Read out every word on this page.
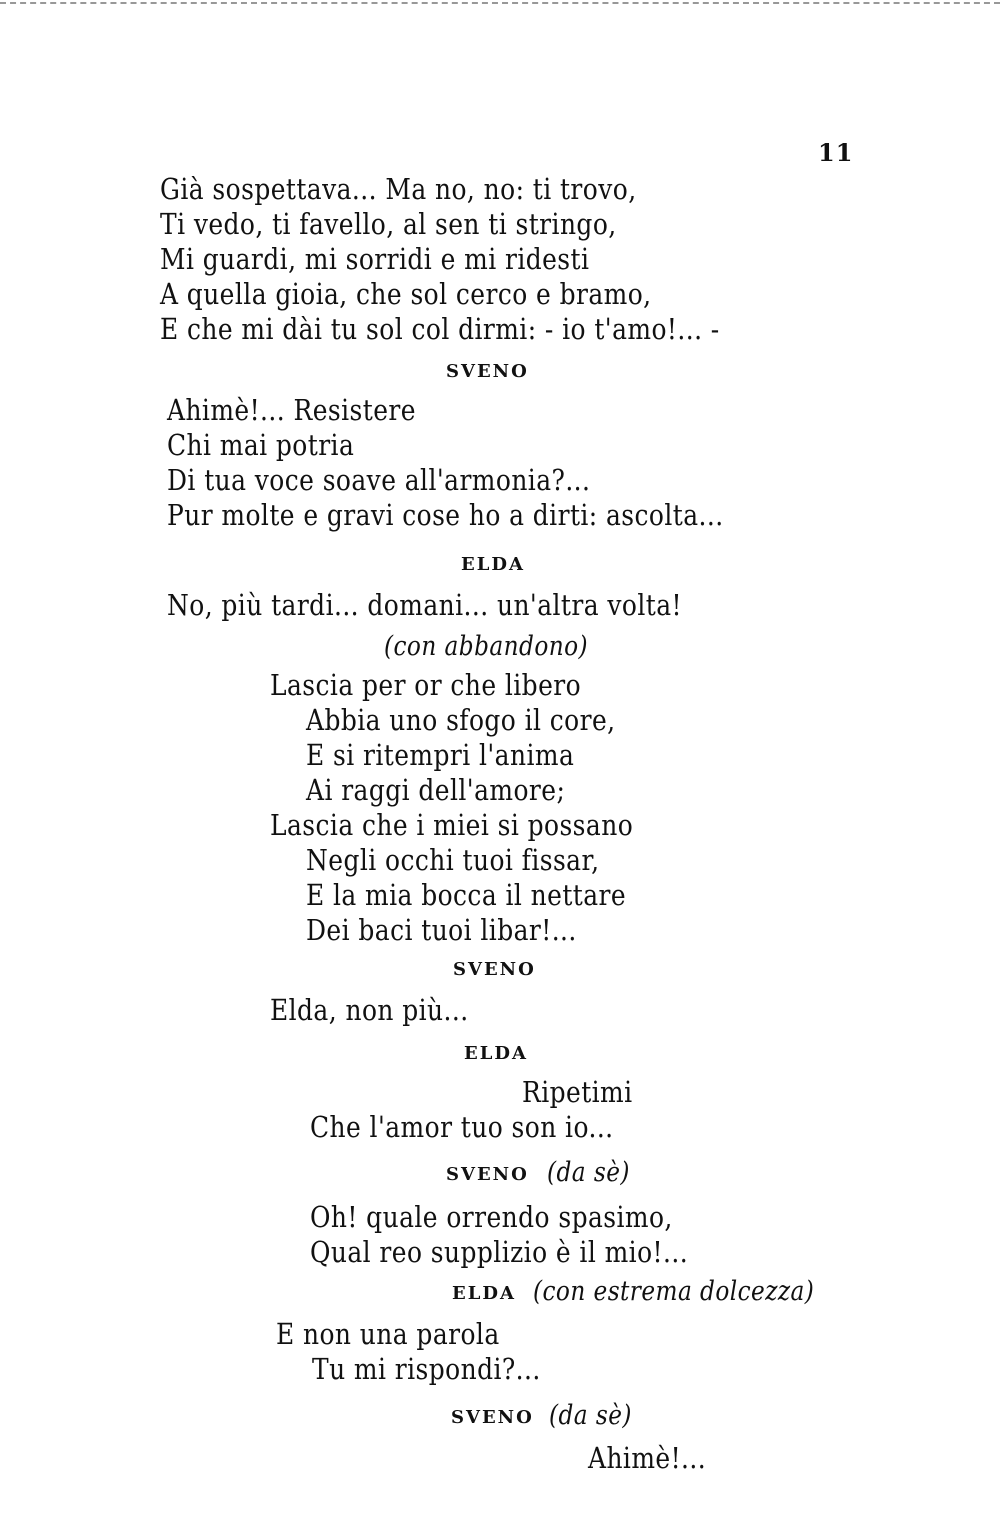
11
Già sospettava... Ma no, no: ti trovo,
Ti vedo, ti favello, al sen ti stringo,
Mi guardi, mi sorridi e mi ridesti
A quella gioia, che sol cerco e bramo,
E che mi dài tu sol col dirmi: - io t'amo!... -
SVENO
Ahimè!... Resistere
Chi mai potria
Di tua voce soave all'armonia?...
Pur molte e gravi cose ho a dirti: ascolta...
ELDA
No, più tardi... domani... un'altra volta!
(con abbandono)
Lascia per or che libero
Abbia uno sfogo il core,
E si ritempri l'anima
Ai raggi dell'amore;
Lascia che i miei si possano
Negli occhi tuoi fissar,
E la mia bocca il nettare
Dei baci tuoi libar!...
SVENO
Elda, non più...
ELDA
Ripetimi
Che l'amor tuo son io...
SVENO (da sè)
Oh! quale orrendo spasimo,
Qual reo supplizio è il mio!...
ELDA (con estrema dolcezza)
E non una parola
Tu mi rispondi?...
SVENO (da sè)
Ahimè!...
